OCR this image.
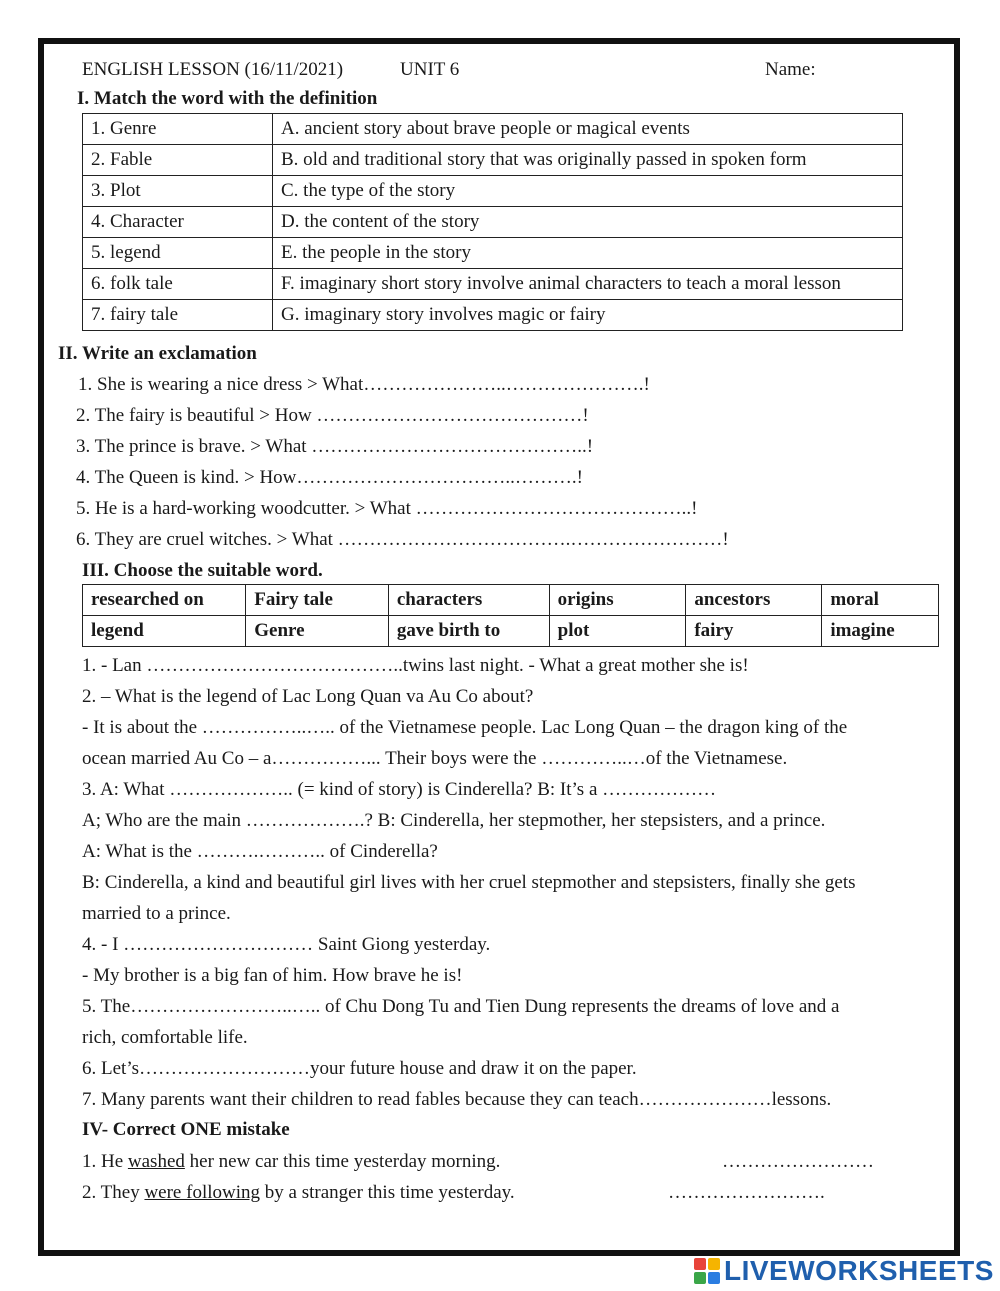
ENGLISH LESSON (16/11/2021)	UNIT 6	Name:
I. Match the word with the definition
1. Genre	A. ancient story about brave people or magical events
2. Fable	B. old and traditional story that was originally passed in spoken form
3. Plot	C. the type of the story
4. Character	D. the content of the story
5. legend	E. the people in the story
6. folk tale	F. imaginary short story involve animal characters to teach a moral lesson
7. fairy tale	G. imaginary story involves magic or fairy
II. Write an exclamation
1. She is wearing a nice dress > What…………………..………………….!
2. The fairy is beautiful > How ……………………………………!
3. The prince is brave. > What ……………………………………..!
4. The Queen is kind. > How……………………………..……….!
5. He is a hard-working woodcutter. > What ……………………………………..!
6. They are cruel witches. > What ……………………………….……………………!
III. Choose the suitable word.
researched on	Fairy tale	characters	origins	ancestors	moral
legend	Genre	gave birth to	plot	fairy	imagine
1. - Lan …………………………………..twins last night. - What a great mother she is!
2. – What is the legend of Lac Long Quan va Au Co about?
- It is about the ……………..….. of the Vietnamese people. Lac Long Quan – the dragon king of the
ocean married Au Co – a……………... Their boys were the …………..…of the Vietnamese.
3. A: What ……………….. (= kind of story) is Cinderella? B: It’s a ………………
A; Who are the main ……………….? B: Cinderella, her stepmother, her stepsisters, and a prince.
A: What is the ……….……….. of Cinderella?
B: Cinderella, a kind and beautiful girl lives with her cruel stepmother and stepsisters, finally she gets
married to a prince.
4. - I ………………………… Saint Giong yesterday.
- My brother is a big fan of him. How brave he is!
5. The……………………..….. of Chu Dong Tu and Tien Dung represents the dreams of love and a
rich, comfortable life.
6. Let’s………………………your future house and draw it on the paper.
7. Many parents want their children to read fables because they can teach…………………lessons.
IV- Correct ONE mistake
1. He washed her new car this time yesterday morning.	……………………
2. They were following by a stranger this time yesterday.	…………………….
LIVEWORKSHEETS
